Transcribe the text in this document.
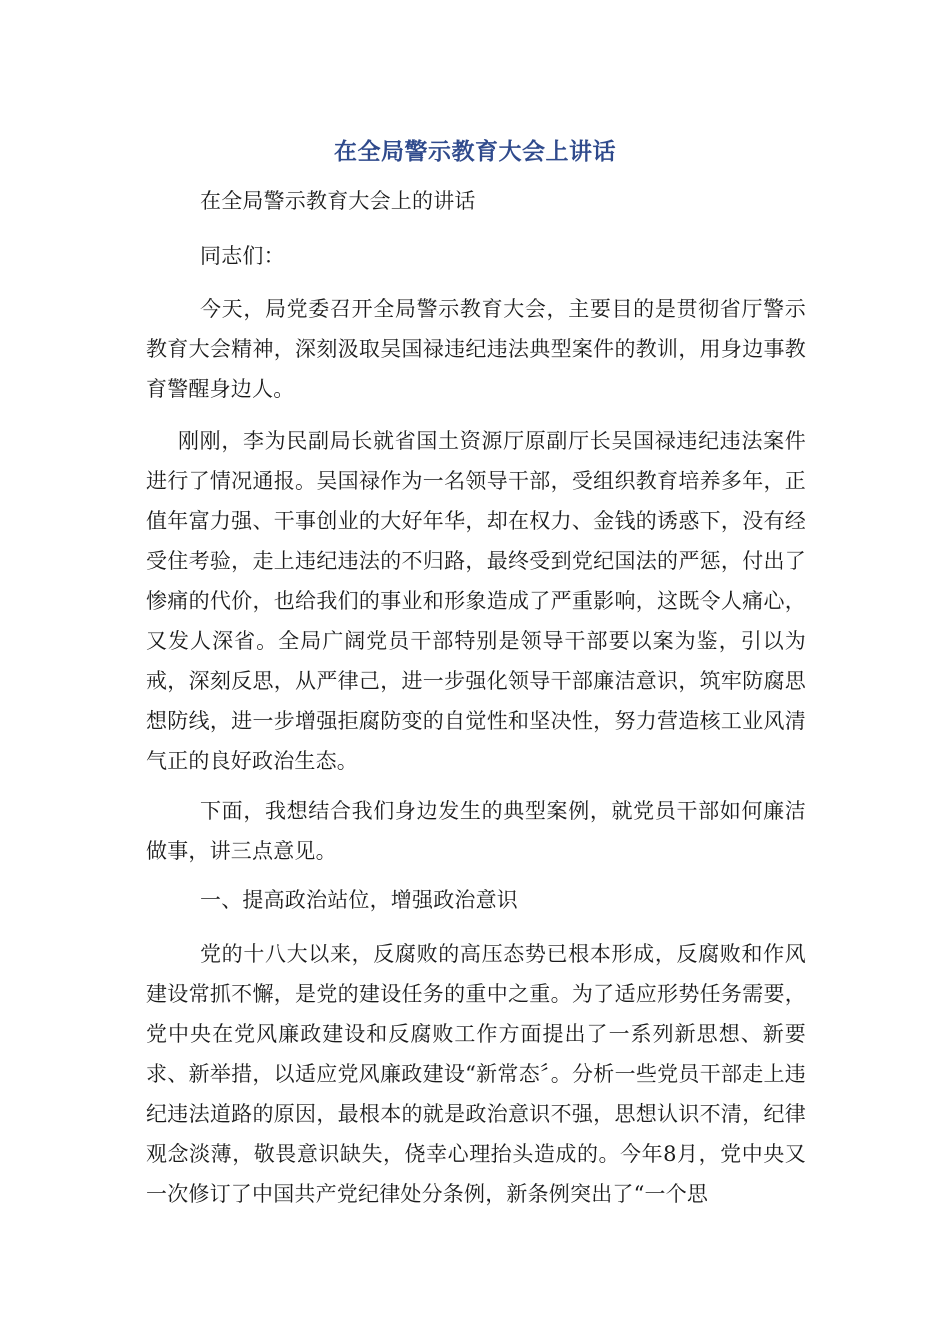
在全局警示教育大会上讲话

在全局警示教育大会上的讲话

同志们：

今天，局党委召开全局警示教育大会，主要目的是贯彻省厅警示教育大会精神，深刻汲取吴国禄违纪违法典型案件的教训，用身边事教育警醒身边人。

刚刚，李为民副局长就省国土资源厅原副厅长吴国禄违纪违法案件进行了情况通报。吴国禄作为一名领导干部，受组织教育培养多年，正值年富力强、干事创业的大好年华，却在权力、金钱的诱惑下，没有经受住考验，走上违纪违法的不归路，最终受到党纪国法的严惩，付出了惨痛的代价，也给我们的事业和形象造成了严重影响，这既令人痛心，又发人深省。全局广阔党员干部特别是领导干部要以案为鉴，引以为戒，深刻反思，从严律己，进一步强化领导干部廉洁意识，筑牢防腐思想防线，进一步增强拒腐防变的自觉性和坚决性，努力营造核工业风清气正的良好政治生态。

下面，我想结合我们身边发生的典型案例，就党员干部如何廉洁做事，讲三点意见。

一、提高政治站位，增强政治意识

党的十八大以来，反腐败的高压态势已根本形成，反腐败和作风建设常抓不懈，是党的建设任务的重中之重。为了适应形势任务需要，党中央在党风廉政建设和反腐败工作方面提出了一系列新思想、新要求、新举措，以适应党风廉政建设“新常态〞。分析一些党员干部走上违纪违法道路的原因，最根本的就是政治意识不强，思想认识不清，纪律观念淡薄，敬畏意识缺失，侥幸心理抬头造成的。今年8月，党中央又一次修订了中国共产党纪律处分条例，新条例突出了“一个思
